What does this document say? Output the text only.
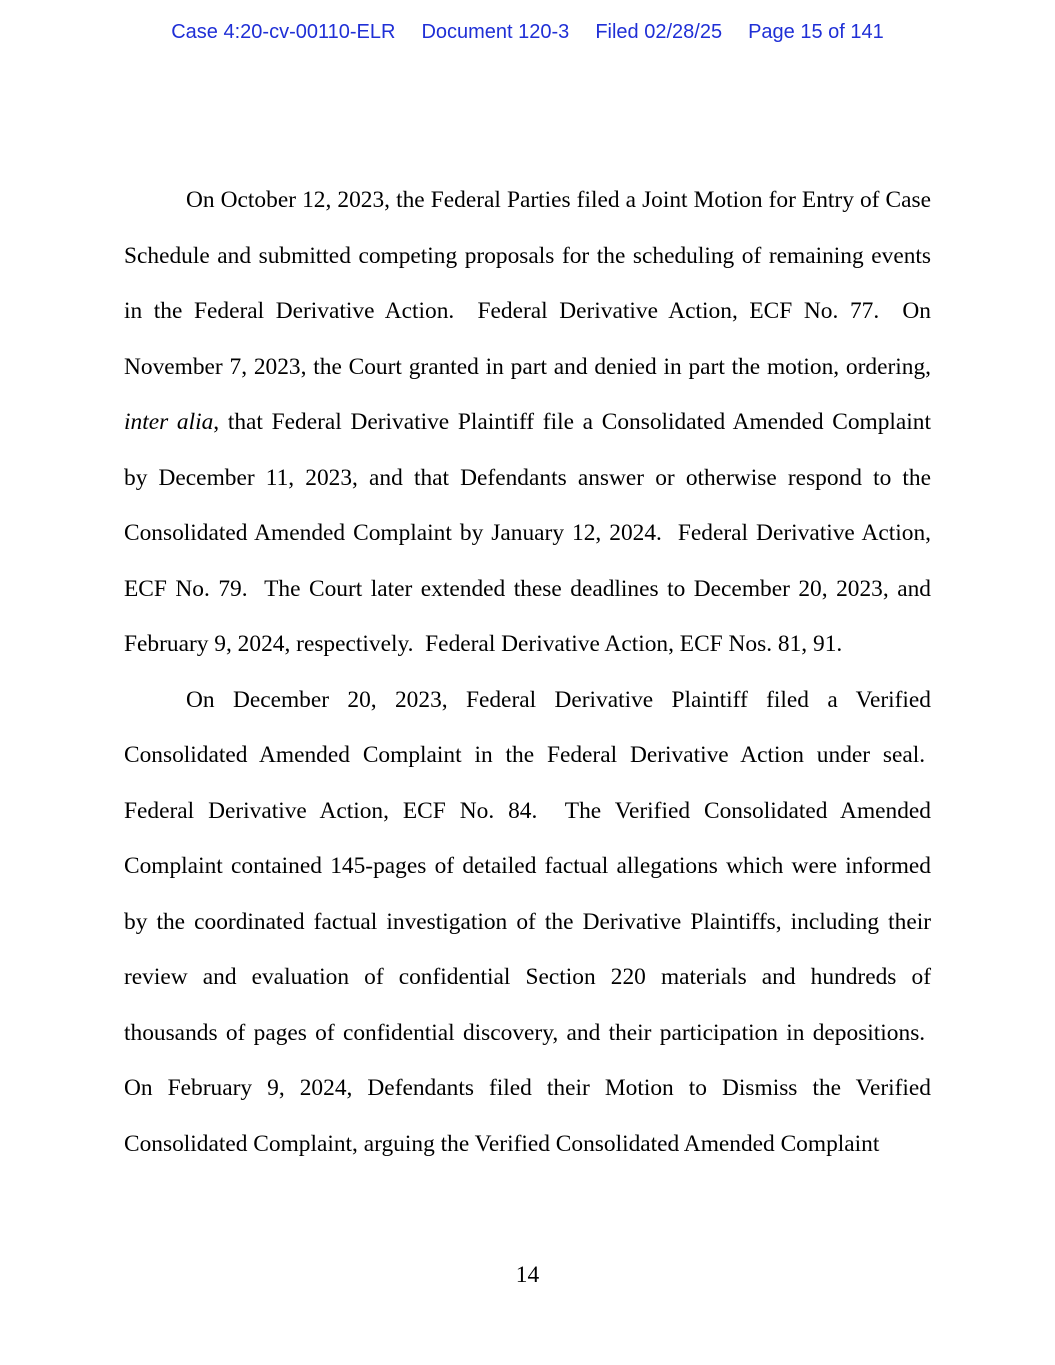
Case 4:20-cv-00110-ELR Document 120-3 Filed 02/28/25 Page 15 of 141

On October 12, 2023, the Federal Parties filed a Joint Motion for Entry of Case Schedule and submitted competing proposals for the scheduling of remaining events in the Federal Derivative Action.  Federal Derivative Action, ECF No. 77.  On November 7, 2023, the Court granted in part and denied in part the motion, ordering, inter alia, that Federal Derivative Plaintiff file a Consolidated Amended Complaint by December 11, 2023, and that Defendants answer or otherwise respond to the Consolidated Amended Complaint by January 12, 2024.  Federal Derivative Action, ECF No. 79.  The Court later extended these deadlines to December 20, 2023, and February 9, 2024, respectively.  Federal Derivative Action, ECF Nos. 81, 91.

On December 20, 2023, Federal Derivative Plaintiff filed a Verified Consolidated Amended Complaint in the Federal Derivative Action under seal.  Federal Derivative Action, ECF No. 84.  The Verified Consolidated Amended Complaint contained 145-pages of detailed factual allegations which were informed by the coordinated factual investigation of the Derivative Plaintiffs, including their review and evaluation of confidential Section 220 materials and hundreds of thousands of pages of confidential discovery, and their participation in depositions.  On February 9, 2024, Defendants filed their Motion to Dismiss the Verified Consolidated Complaint, arguing the Verified Consolidated Amended Complaint

14
